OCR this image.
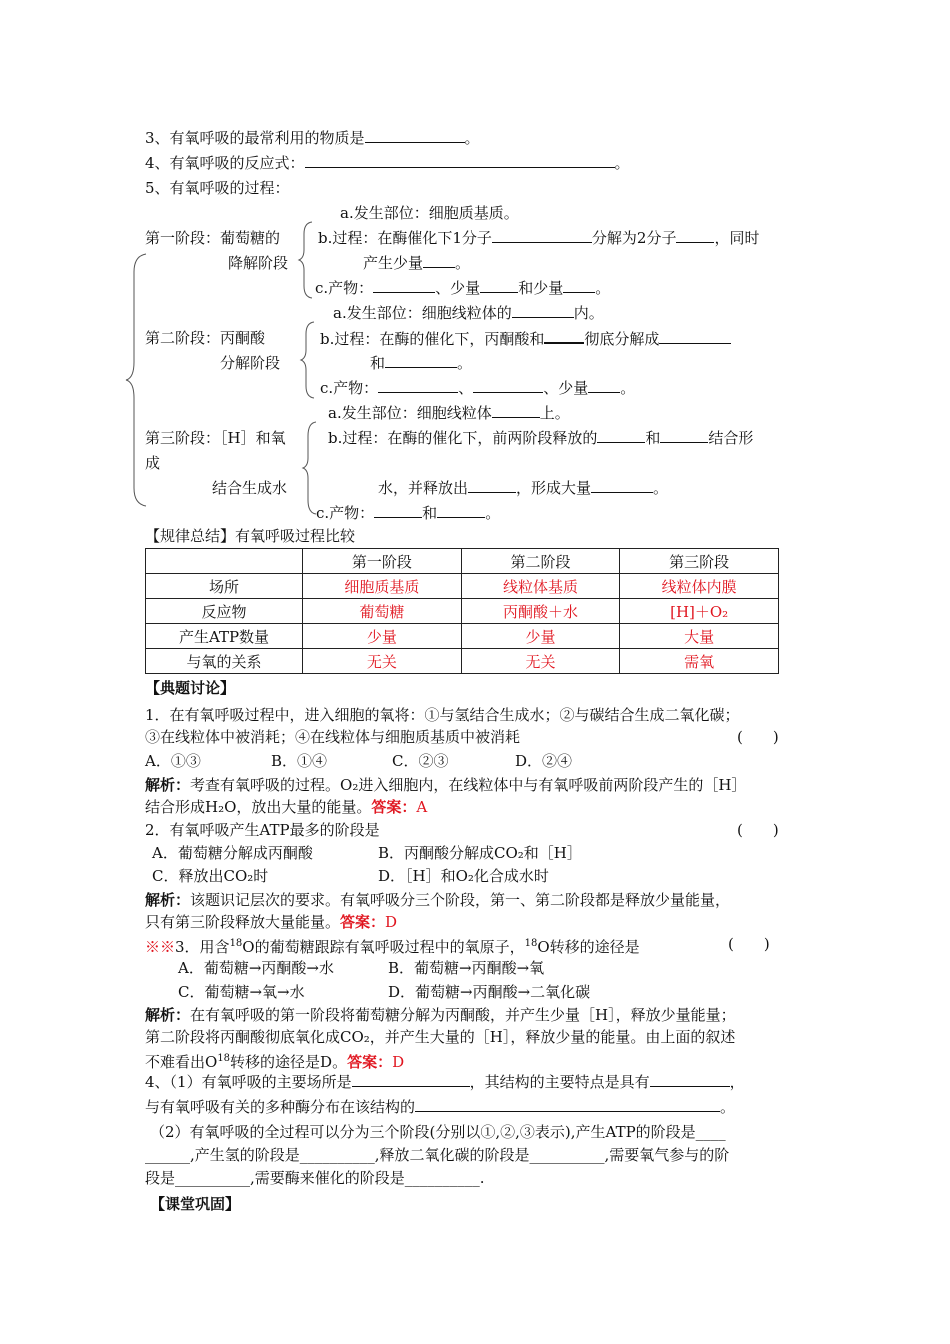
3、有氧呼吸的最常利用的物质是	。
4、有氧呼吸的反应式：	。
5、有氧呼吸的过程：
a.发生部位：细胞质基质。
第一阶段：葡萄糖的	b.过程：在酶催化下1分子	分解为2分子	，同时
降解阶段	产生少量 。
c.产物：	、少量	和少量 。
a.发生部位：细胞线粒体的	内。
第二阶段：丙酮酸	b.过程：在酶的催化下，丙酮酸和	彻底分解成
分解阶段	和	。
c.产物：	、	、少量 。
a.发生部位：细胞线粒体	上。
第三阶段：［H］和氧	b.过程：在酶的催化下，前两阶段释放的	和	结合形
成
结合生成水	水，并释放出	，形成大量	。
c.产物：	和	。
【规律总结】有氧呼吸过程比较
	第一阶段	第二阶段	第三阶段
场所	细胞质基质	线粒体基质	线粒体内膜
反应物	葡萄糖	丙酮酸＋水	[H]＋O₂
产生ATP数量	少量	少量	大量
与氧的关系	无关	无关	需氧
【典题讨论】
1．在有氧呼吸过程中，进入细胞的氧将：①与氢结合生成水；②与碳结合生成二氧化碳；
③在线粒体中被消耗；④在线粒体与细胞质基质中被消耗	(　　)
A．①③	B．①④	C．②③	D．②④
解析：考查有氧呼吸的过程。O₂进入细胞内，在线粒体中与有氧呼吸前两阶段产生的［H］
结合形成H₂O，放出大量的能量。答案：A
2．有氧呼吸产生ATP最多的阶段是	(　　)
A．葡萄糖分解成丙酮酸	B．丙酮酸分解成CO₂和［H］
C．释放出CO₂时	D．［H］和O₂化合成水时
解析：该题识记层次的要求。有氧呼吸分三个阶段，第一、第二阶段都是释放少量能量，
只有第三阶段释放大量能量。答案：D
※※3．用含$^{18}$O的葡萄糖跟踪有氧呼吸过程中的氧原子，$^{18}$O转移的途径是	(　　)
A．葡萄糖→丙酮酸→水	B．葡萄糖→丙酮酸→氧
C．葡萄糖→氧→水	D．葡萄糖→丙酮酸→二氧化碳
解析：在有氧呼吸的第一阶段将葡萄糖分解为丙酮酸，并产生少量［H］，释放少量能量；
第二阶段将丙酮酸彻底氧化成CO₂，并产生大量的［H］，释放少量的能量。由上面的叙述
不难看出$O^{18}$转移的途径是D。答案：D
4、（1）有氧呼吸的主要场所是	，其结构的主要特点是具有	，
与有氧呼吸有关的多种酶分布在该结构的	。
（2）有氧呼吸的全过程可以分为三个阶段(分别以①,②,③表示),产生ATP的阶段是____
______,产生氢的阶段是__________,释放二氧化碳的阶段是__________,需要氧气参与的阶
段是__________,需要酶来催化的阶段是__________.
【课堂巩固】
